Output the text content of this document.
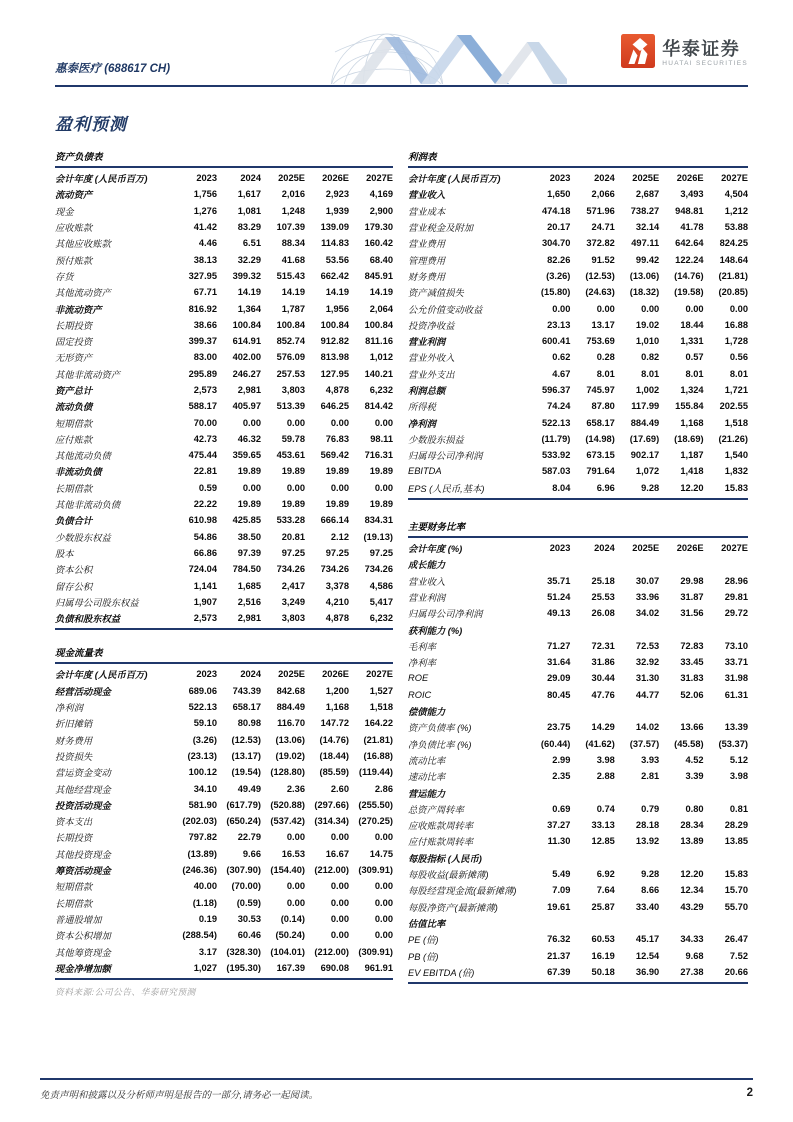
惠泰医疗 (688617 CH)
华泰证券
HUATAI SECURITIES
盈利预测
资产负债表
会计年度 (人民币百万)	2023	2024	2025E	2026E	2027E
流动资产	1,756	1,617	2,016	2,923	4,169
现金	1,276	1,081	1,248	1,939	2,900
应收账款	41.42	83.29	107.39	139.09	179.30
其他应收账款	4.46	6.51	88.34	114.83	160.42
预付账款	38.13	32.29	41.68	53.56	68.40
存货	327.95	399.32	515.43	662.42	845.91
其他流动资产	67.71	14.19	14.19	14.19	14.19
非流动资产	816.92	1,364	1,787	1,956	2,064
长期投资	38.66	100.84	100.84	100.84	100.84
固定投资	399.37	614.91	852.74	912.82	811.16
无形资产	83.00	402.00	576.09	813.98	1,012
其他非流动资产	295.89	246.27	257.53	127.95	140.21
资产总计	2,573	2,981	3,803	4,878	6,232
流动负债	588.17	405.97	513.39	646.25	814.42
短期借款	70.00	0.00	0.00	0.00	0.00
应付账款	42.73	46.32	59.78	76.83	98.11
其他流动负债	475.44	359.65	453.61	569.42	716.31
非流动负债	22.81	19.89	19.89	19.89	19.89
长期借款	0.59	0.00	0.00	0.00	0.00
其他非流动负债	22.22	19.89	19.89	19.89	19.89
负债合计	610.98	425.85	533.28	666.14	834.31
少数股东权益	54.86	38.50	20.81	2.12	(19.13)
股本	66.86	97.39	97.25	97.25	97.25
资本公积	724.04	784.50	734.26	734.26	734.26
留存公积	1,141	1,685	2,417	3,378	4,586
归属母公司股东权益	1,907	2,516	3,249	4,210	5,417
负债和股东权益	2,573	2,981	3,803	4,878	6,232
现金流量表
会计年度 (人民币百万)	2023	2024	2025E	2026E	2027E
经营活动现金	689.06	743.39	842.68	1,200	1,527
净利润	522.13	658.17	884.49	1,168	1,518
折旧摊销	59.10	80.98	116.70	147.72	164.22
财务费用	(3.26)	(12.53)	(13.06)	(14.76)	(21.81)
投资损失	(23.13)	(13.17)	(19.02)	(18.44)	(16.88)
营运资金变动	100.12	(19.54)	(128.80)	(85.59)	(119.44)
其他经营现金	34.10	49.49	2.36	2.60	2.86
投资活动现金	581.90	(617.79)	(520.88)	(297.66)	(255.50)
资本支出	(202.03)	(650.24)	(537.42)	(314.34)	(270.25)
长期投资	797.82	22.79	0.00	0.00	0.00
其他投资现金	(13.89)	9.66	16.53	16.67	14.75
筹资活动现金	(246.36)	(307.90)	(154.40)	(212.00)	(309.91)
短期借款	40.00	(70.00)	0.00	0.00	0.00
长期借款	(1.18)	(0.59)	0.00	0.00	0.00
普通股增加	0.19	30.53	(0.14)	0.00	0.00
资本公积增加	(288.54)	60.46	(50.24)	0.00	0.00
其他筹资现金	3.17	(328.30)	(104.01)	(212.00)	(309.91)
现金净增加额	1,027	(195.30)	167.39	690.08	961.91
资料来源:公司公告、华泰研究预测
利润表
会计年度 (人民币百万)	2023	2024	2025E	2026E	2027E
营业收入	1,650	2,066	2,687	3,493	4,504
营业成本	474.18	571.96	738.27	948.81	1,212
营业税金及附加	20.17	24.71	32.14	41.78	53.88
营业费用	304.70	372.82	497.11	642.64	824.25
管理费用	82.26	91.52	99.42	122.24	148.64
财务费用	(3.26)	(12.53)	(13.06)	(14.76)	(21.81)
资产减值损失	(15.80)	(24.63)	(18.32)	(19.58)	(20.85)
公允价值变动收益	0.00	0.00	0.00	0.00	0.00
投资净收益	23.13	13.17	19.02	18.44	16.88
营业利润	600.41	753.69	1,010	1,331	1,728
营业外收入	0.62	0.28	0.82	0.57	0.56
营业外支出	4.67	8.01	8.01	8.01	8.01
利润总额	596.37	745.97	1,002	1,324	1,721
所得税	74.24	87.80	117.99	155.84	202.55
净利润	522.13	658.17	884.49	1,168	1,518
少数股东损益	(11.79)	(14.98)	(17.69)	(18.69)	(21.26)
归属母公司净利润	533.92	673.15	902.17	1,187	1,540
EBITDA	587.03	791.64	1,072	1,418	1,832
EPS (人民币,基本)	8.04	6.96	9.28	12.20	15.83
主要财务比率
会计年度 (%)	2023	2024	2025E	2026E	2027E
成长能力
营业收入	35.71	25.18	30.07	29.98	28.96
营业利润	51.24	25.53	33.96	31.87	29.81
归属母公司净利润	49.13	26.08	34.02	31.56	29.72
获利能力 (%)
毛利率	71.27	72.31	72.53	72.83	73.10
净利率	31.64	31.86	32.92	33.45	33.71
ROE	29.09	30.44	31.30	31.83	31.98
ROIC	80.45	47.76	44.77	52.06	61.31
偿债能力
资产负债率 (%)	23.75	14.29	14.02	13.66	13.39
净负债比率 (%)	(60.44)	(41.62)	(37.57)	(45.58)	(53.37)
流动比率	2.99	3.98	3.93	4.52	5.12
速动比率	2.35	2.88	2.81	3.39	3.98
营运能力
总资产周转率	0.69	0.74	0.79	0.80	0.81
应收账款周转率	37.27	33.13	28.18	28.34	28.29
应付账款周转率	11.30	12.85	13.92	13.89	13.85
每股指标 (人民币)
每股收益(最新摊薄)	5.49	6.92	9.28	12.20	15.83
每股经营现金流(最新摊薄)	7.09	7.64	8.66	12.34	15.70
每股净资产(最新摊薄)	19.61	25.87	33.40	43.29	55.70
估值比率
PE (倍)	76.32	60.53	45.17	34.33	26.47
PB (倍)	21.37	16.19	12.54	9.68	7.52
EV EBITDA (倍)	67.39	50.18	36.90	27.38	20.66
免责声明和披露以及分析师声明是报告的一部分,请务必一起阅读。	2
